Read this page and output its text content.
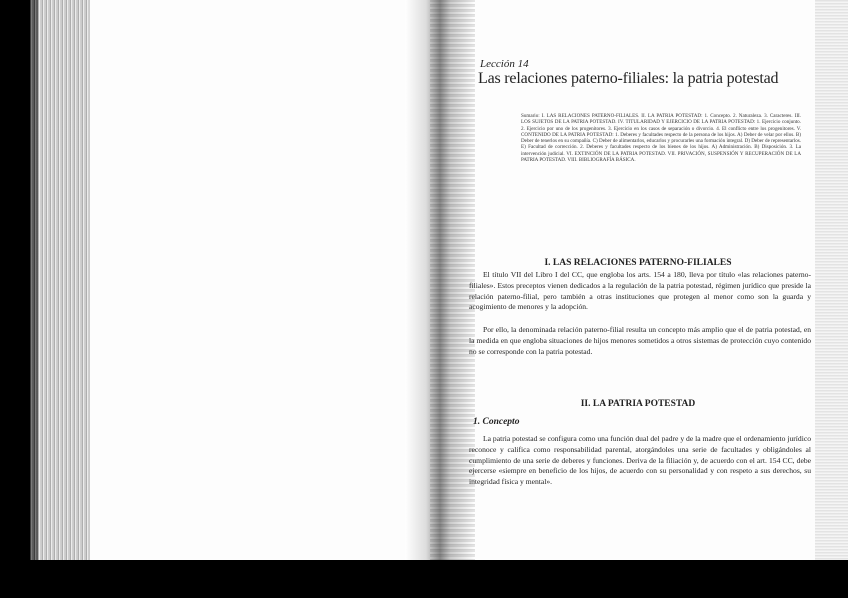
Lección 14

Las relaciones paterno-filiales: la patria potestad

Sumario: I. LAS RELACIONES PATERNO-FILIALES. II. LA PATRIA POTESTAD: 1. Concepto. 2. Naturaleza. 3. Caracteres. III. LOS SUJETOS DE LA PATRIA POTESTAD. IV. TITULARIDAD Y EJERCICIO DE LA PATRIA POTESTAD: 1. Ejercicio conjunto. 2. Ejercicio por uno de los progenitores. 3. Ejercicio en los casos de separación o divorcio. 4. El conflicto entre los progenitores. V. CONTENIDO DE LA PATRIA POTESTAD: 1. Deberes y facultades respecto de la persona de los hijos. A) Deber de velar por ellos. B) Deber de tenerlos en su compañía. C) Deber de alimentarlos, educarlos y procurarles una formación integral. D) Deber de representarlos. E) Facultad de corrección. 2. Deberes y facultades respecto de los bienes de los hijos. A) Administración. B) Disposición. 3. La intervención judicial. VI. EXTINCIÓN DE LA PATRIA POTESTAD. VII. PRIVACIÓN, SUSPENSIÓN Y RECUPERACIÓN DE LA PATRIA POTESTAD. VIII. BIBLIOGRAFÍA BÁSICA.

I. LAS RELACIONES PATERNO-FILIALES

El título VII del Libro I del CC, que engloba los arts. 154 a 180, lleva por título «las relaciones paterno-filiales». Estos preceptos vienen dedicados a la regulación de la patria potestad, régimen jurídico que preside la relación paterno-filial, pero también a otras instituciones que protegen al menor como son la guarda y acogimiento de menores y la adopción.

Por ello, la denominada relación paterno-filial resulta un concepto más amplio que el de patria potestad, en la medida en que engloba situaciones de hijos menores sometidos a otros sistemas de protección cuyo contenido no se corresponde con la patria potestad.

II. LA PATRIA POTESTAD
1. Concepto

La patria potestad se configura como una función dual del padre y de la madre que el ordenamiento jurídico reconoce y califica como responsabilidad parental, atorgándoles una serie de facultades y obligándoles al cumplimiento de una serie de deberes y funciones. Deriva de la filiación y, de acuerdo con el art. 154 CC, debe ejercerse «siempre en beneficio de los hijos, de acuerdo con su personalidad y con respeto a sus derechos, su integridad física y mental».
